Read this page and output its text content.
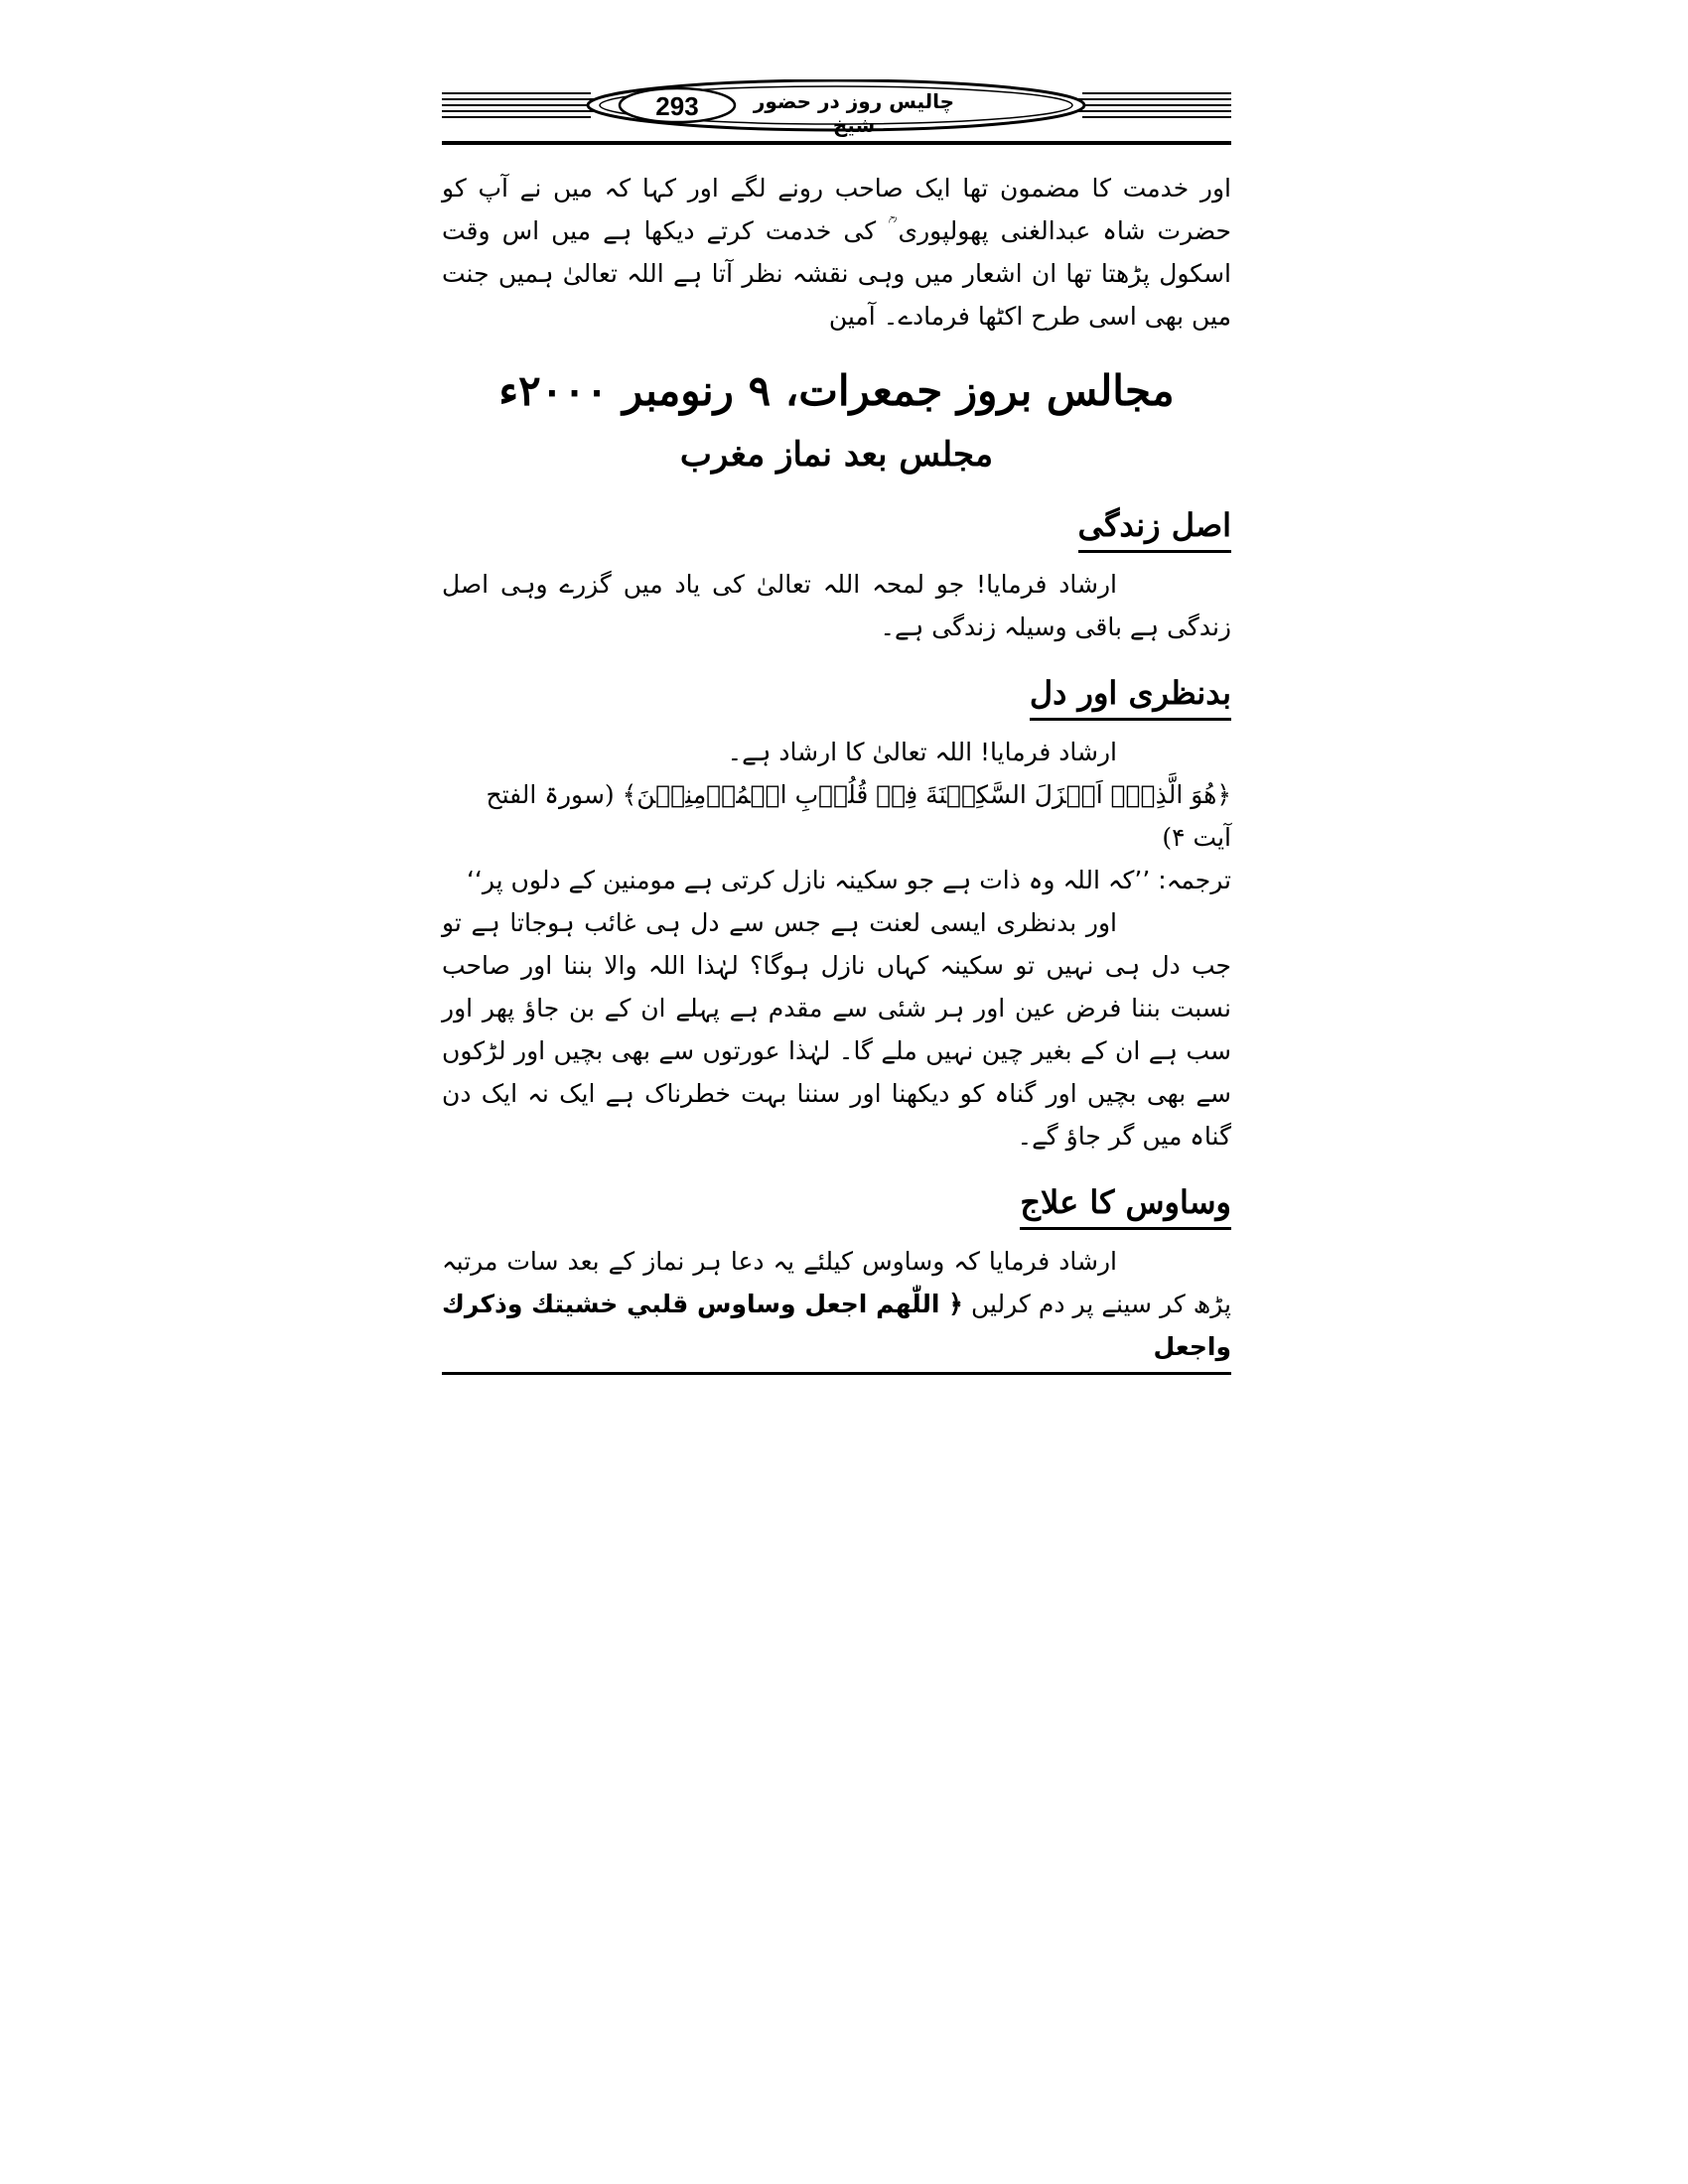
293	چالیس روز در حضور شیخ

اور خدمت کا مضمون تھا ایک صاحب رونے لگے اور کہا کہ میں نے آپ کو حضرت شاہ عبدالغنی پھولپوری ؒ کی خدمت کرتے دیکھا ہے میں اس وقت اسکول پڑھتا تھا ان اشعار میں وہی نقشہ نظر آتا ہے اللہ تعالیٰ ہمیں جنت میں بھی اسی طرح اکٹھا فرمادے۔ آمین

مجالس بروز جمعرات، ۹ رنومبر ۲۰۰۰ء
مجلس بعد نماز مغرب
اصل زندگی

ارشاد فرمایا! جو لمحہ اللہ تعالیٰ کی یاد میں گزرے وہی اصل زندگی ہے باقی وسیلہ زندگی ہے۔

بدنظری اور دل

ارشاد فرمایا! اللہ تعالیٰ کا ارشاد ہے۔

﴿هُوَ الَّذِیۡۤ اَنۡزَلَ السَّكِیۡنَةَ فِیۡ قُلُوۡبِ الۡمُؤۡمِنِیۡنَ﴾ (سورۃ الفتح آیت ۴)

ترجمہ: ’’کہ اللہ وہ ذات ہے جو سکینہ نازل کرتی ہے مومنین کے دلوں پر‘‘

اور بدنظری ایسی لعنت ہے جس سے دل ہی غائب ہوجاتا ہے تو جب دل ہی نہیں تو سکینہ کہاں نازل ہوگا؟ لہٰذا اللہ والا بننا اور صاحب نسبت بننا فرض عین اور ہر شئی سے مقدم ہے پہلے ان کے بن جاؤ پھر اور سب ہے ان کے بغیر چین نہیں ملے گا۔ لہٰذا عورتوں سے بھی بچیں اور لڑکوں سے بھی بچیں اور گناہ کو دیکھنا اور سننا بہت خطرناک ہے ایک نہ ایک دن گناہ میں گر جاؤ گے۔

وساوس کا علاج

ارشاد فرمایا کہ وساوس کیلئے یہ دعا ہر نماز کے بعد سات مرتبہ پڑھ کر سینے پر دم کرلیں ﴿ اللّٰهم اجعل وساوس قلبي خشيتك وذكرك واجعل
